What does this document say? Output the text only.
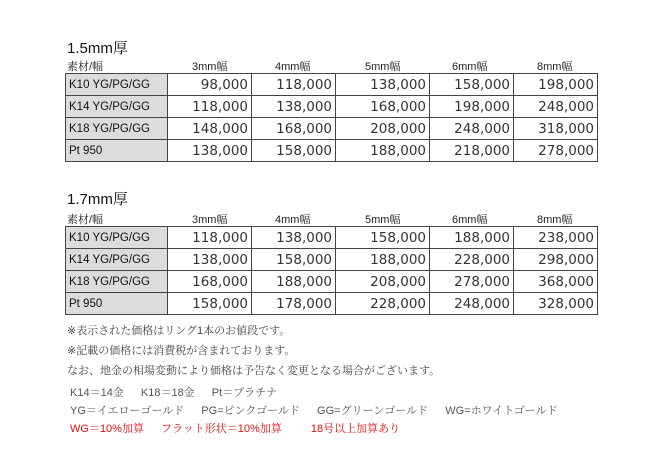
1.5mm厚
素材/幅	3mm幅	4mm幅	5mm幅	6mm幅	8mm幅
K10 YG/PG/GG	98,000	118,000	138,000	158,000	198,000
K14 YG/PG/GG	118,000	138,000	168,000	198,000	248,000
K18 YG/PG/GG	148,000	168,000	208,000	248,000	318,000
Pt 950	138,000	158,000	188,000	218,000	278,000
1.7mm厚
素材/幅	3mm幅	4mm幅	5mm幅	6mm幅	8mm幅
K10 YG/PG/GG	118,000	138,000	158,000	188,000	238,000
K14 YG/PG/GG	138,000	158,000	188,000	228,000	298,000
K18 YG/PG/GG	168,000	188,000	208,000	278,000	368,000
Pt 950	158,000	178,000	228,000	248,000	328,000
※表示された価格はリング1本のお値段です。
※記載の価格には消費税が含まれております。
なお、地金の相場変動により価格は予告なく変更となる場合がございます。
K14＝14金 K18＝18金 Pt＝プラチナ
YG＝イエローゴールド PG=ピンクゴールド GG=グリーンゴールド WG=ホワイトゴールド
WG＝10%加算 フラット形状＝10%加算	18号以上加算あり
